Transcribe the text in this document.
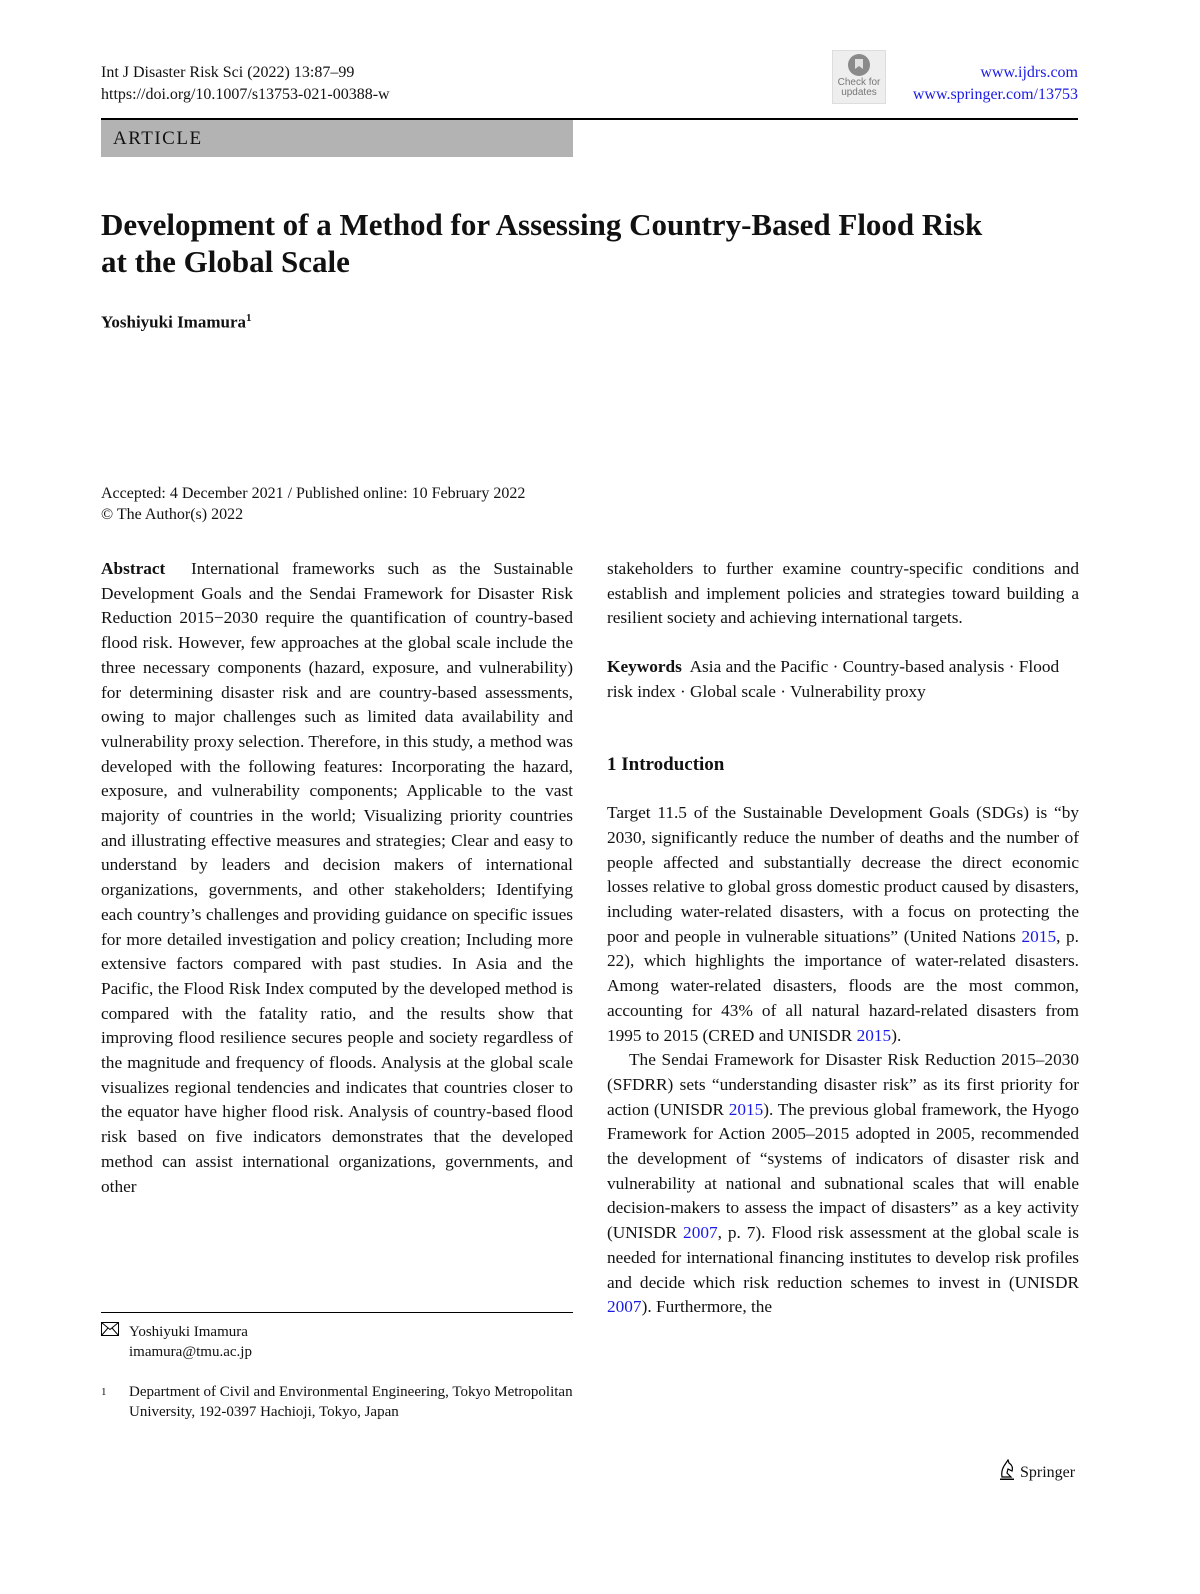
Int J Disaster Risk Sci (2022) 13:87–99
https://doi.org/10.1007/s13753-021-00388-w
Check for
updates
www.ijdrs.com
www.springer.com/13753
ARTICLE
Development of a Method for Assessing Country-Based Flood Risk at the Global Scale
Yoshiyuki Imamura$^1$
Accepted: 4 December 2021 / Published online: 10 February 2022
© The Author(s) 2022

Abstract International frameworks such as the Sustainable Development Goals and the Sendai Framework for Disaster Risk Reduction 2015−2030 require the quantification of country-based flood risk. However, few approaches at the global scale include the three necessary components (hazard, exposure, and vulnerability) for determining disaster risk and are country-based assessments, owing to major challenges such as limited data availability and vulnerability proxy selection. Therefore, in this study, a method was developed with the following features: Incorporating the hazard, exposure, and vulnerability components; Applicable to the vast majority of countries in the world; Visualizing priority countries and illustrating effective measures and strategies; Clear and easy to understand by leaders and decision makers of international organizations, governments, and other stakeholders; Identifying each country’s challenges and providing guidance on specific issues for more detailed investigation and policy creation; Including more extensive factors compared with past studies. In Asia and the Pacific, the Flood Risk Index computed by the developed method is compared with the fatality ratio, and the results show that improving flood resilience secures people and society regardless of the magnitude and frequency of floods. Analysis at the global scale visualizes regional tendencies and indicates that countries closer to the equator have higher flood risk. Analysis of country-based flood risk based on five indicators demonstrates that the developed method can assist international organizations, governments, and other

stakeholders to further examine country-specific conditions and establish and implement policies and strategies toward building a resilient society and achieving international targets.

Keywords Asia and the Pacific · Country-based analysis · Flood risk index · Global scale · Vulnerability proxy

1 Introduction

Target 11.5 of the Sustainable Development Goals (SDGs) is “by 2030, significantly reduce the number of deaths and the number of people affected and substantially decrease the direct economic losses relative to global gross domestic product caused by disasters, including water-related disasters, with a focus on protecting the poor and people in vulnerable situations” (United Nations 2015, p. 22), which highlights the importance of water-related disasters. Among water-related disasters, floods are the most common, accounting for 43% of all natural hazard-related disasters from 1995 to 2015 (CRED and UNISDR 2015).

The Sendai Framework for Disaster Risk Reduction 2015–2030 (SFDRR) sets “understanding disaster risk” as its first priority for action (UNISDR 2015). The previous global framework, the Hyogo Framework for Action 2005–2015 adopted in 2005, recommended the development of “systems of indicators of disaster risk and vulnerability at national and subnational scales that will enable decision-makers to assess the impact of disasters” as a key activity (UNISDR 2007, p. 7). Flood risk assessment at the global scale is needed for international financing institutes to develop risk profiles and decide which risk reduction schemes to invest in (UNISDR 2007). Furthermore, the

Yoshiyuki Imamura
imamura@tmu.ac.jp
1 Department of Civil and Environmental Engineering, Tokyo Metropolitan University, 192-0397 Hachioji, Tokyo, Japan
Springer
